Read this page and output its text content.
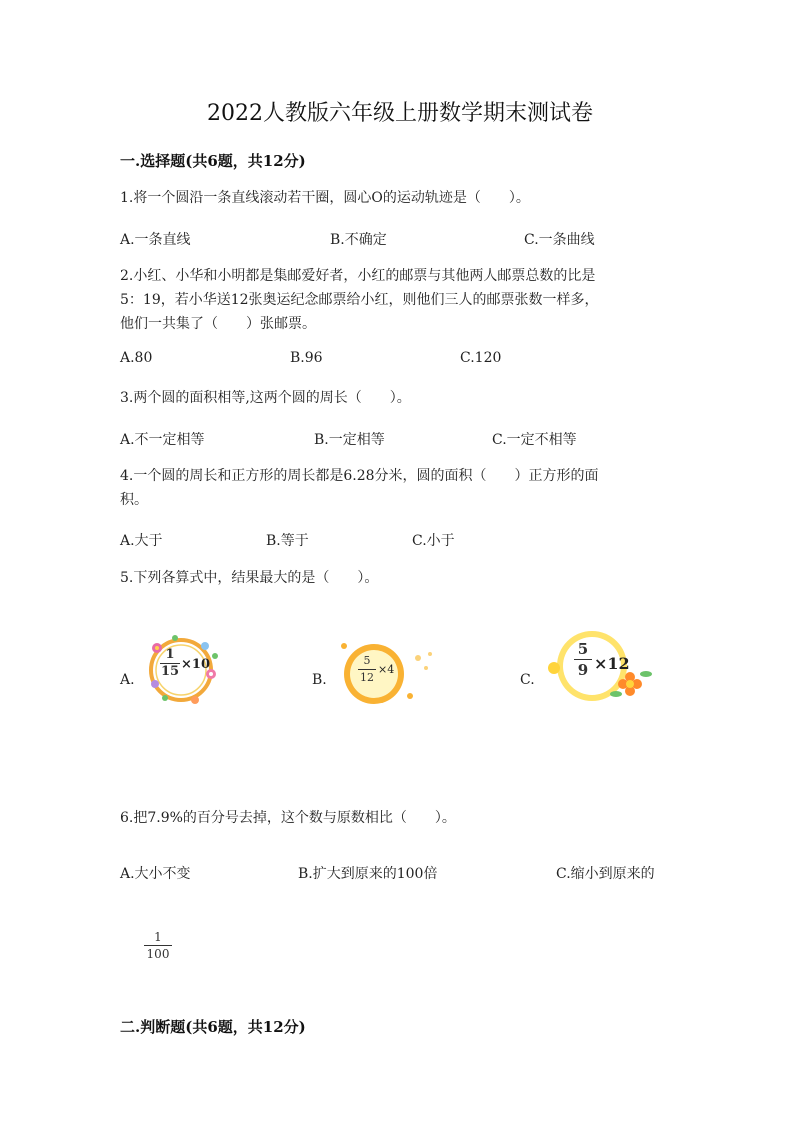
2022人教版六年级上册数学期末测试卷
一.选择题(共6题，共12分)
1.将一个圆沿一条直线滚动若干圈，圆心O的运动轨迹是（　　）。
A.一条直线	B.不确定	C.一条曲线
2.小红、小华和小明都是集邮爱好者，小红的邮票与其他两人邮票总数的比是
5：19，若小华送12张奥运纪念邮票给小红，则他们三人的邮票张数一样多，
他们一共集了（　　）张邮票。
A.80	B.96	C.120
3.两个圆的面积相等,这两个圆的周长（　　）。
A.不一定相等	B.一定相等	C.一定不相等
4.一个圆的周长和正方形的周长都是6.28分米，圆的面积（　　）正方形的面
积。
A.大于	B.等于	C.小于
5.下列各算式中，结果最大的是（　　）。
A.	B.	C.
1
15 ×10	5
12
×4
5
9 ×12
6.把7.9%的百分号去掉，这个数与原数相比（　　）。
A.大小不变	B.扩大到原来的100倍	C.缩小到原来的
1
100
二.判断题(共6题，共12分)
